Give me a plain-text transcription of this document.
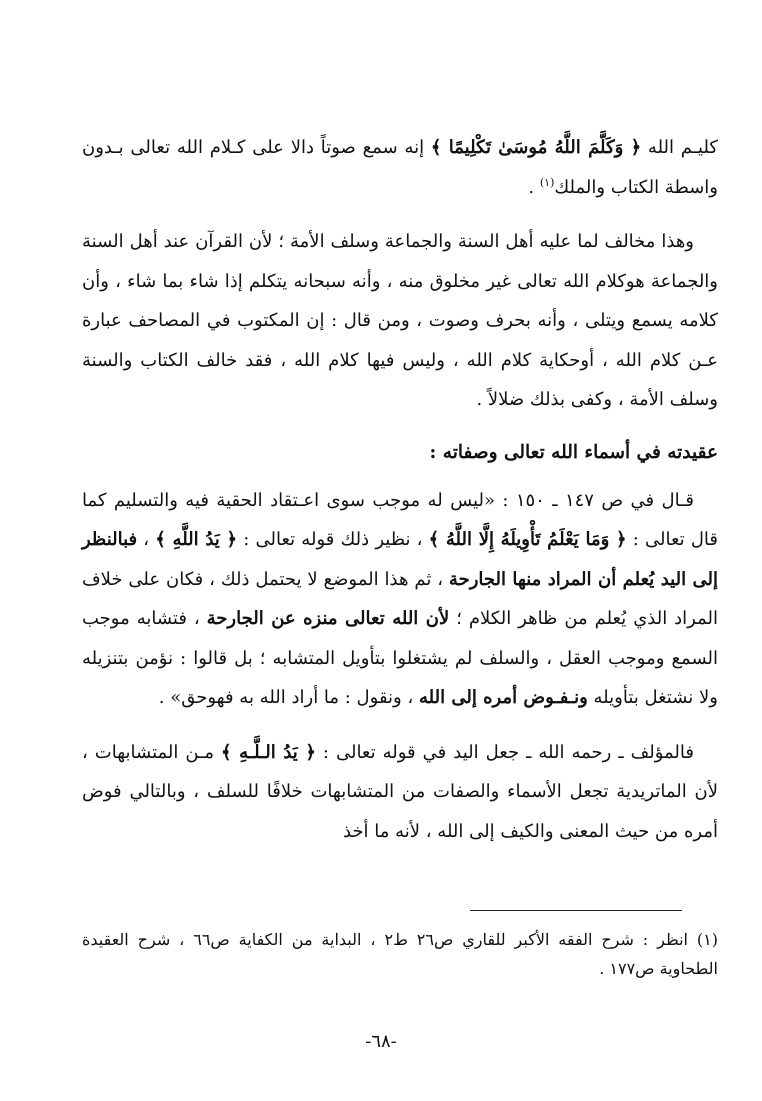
كليـم الله ﴿ وَكَلَّمَ اللَّهُ مُوسَىٰ تَكْلِيمًا ﴾ إنه سمع صوتاً دالا على كـلام الله تعالى بـدون واسطة الكتاب والملك$^{(١)}$ .

وهذا مخالف لما عليه أهل السنة والجماعة وسلف الأمة ؛ لأن القرآن عند أهل السنة والجماعة هوكلام الله تعالى غير مخلوق منه ، وأنه سبحانه يتكلم إذا شاء بما شاء ، وأن كلامه يسمع ويتلى ، وأنه بحرف وصوت ، ومن قال : إن المكتوب في المصاحف عبارة عـن كلام الله ، أوحكاية كلام الله ، وليس فيها كلام الله ، فقد خالف الكتاب والسنة وسلف الأمة ، وكفى بذلك ضلالاً .

عقيدته في أسماء الله تعالى وصفاته :

قـال في ص ١٤٧ ـ ١٥٠ : «ليس له موجب سوى اعـتقاد الحقية فيه والتسليم كما قال تعالى : ﴿ وَمَا يَعْلَمُ تَأْوِيلَهُ إِلَّا اللَّهُ ﴾ ، نظير ذلك قوله تعالى : ﴿ يَدُ اللَّهِ ﴾ ، فبالنظر إلى اليد يُعلم أن المراد منها الجارحة ، ثم هذا الموضع لا يحتمل ذلك ، فكان على خلاف المراد الذي يُعلم من ظاهر الكلام ؛ لأن الله تعالى منزه عن الجارحة ، فتشابه موجب السمع وموجب العقل ، والسلف لم يشتغلوا بتأويل المتشابه ؛ بل قالوا : نؤمن بتنزيله ولا نشتغل بتأويله ونـفـوض أمره إلى الله ، ونقول : ما أراد الله به فهوحق» .

فالمؤلف ـ رحمه الله ـ جعل اليد في قوله تعالى : ﴿ يَدُ الـلَّـهِ ﴾ مـن المتشابهات ، لأن الماتريدية تجعل الأسماء والصفات من المتشابهات خلافًا للسلف ، وبالتالي فوض أمره من حيث المعنى والكيف إلى الله ، لأنه ما أخذ

(١) انظر : شرح الفقه الأكبر للقاري ص٢٦ ط٢ ، البداية من الكفاية ص٦٦ ، شرح العقيدة الطحاوية ص١٧٧ .
-٦٨-
